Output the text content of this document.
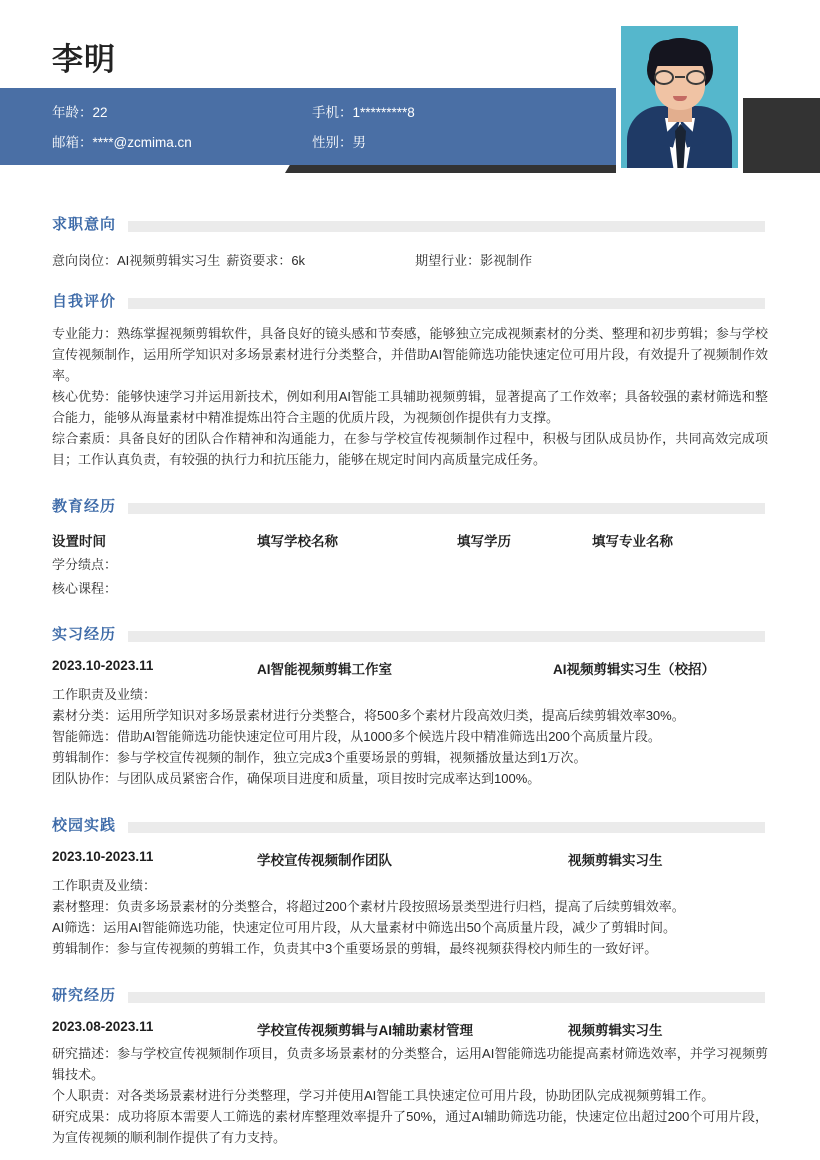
李明
年龄：22	手机：1*********8
邮箱：****@zcmima.cn	性别：男
求职意向
意向岗位：AI视频剪辑实习生 薪资要求：6k	期望行业：影视制作
自我评价

专业能力：熟练掌握视频剪辑软件，具备良好的镜头感和节奏感，能够独立完成视频素材的分类、整理和初步剪辑；参与学校宣传视频制作，运用所学知识对多场景素材进行分类整合，并借助AI智能筛选功能快速定位可用片段，有效提升了视频制作效率。

核心优势：能够快速学习并运用新技术，例如利用AI智能工具辅助视频剪辑，显著提高了工作效率；具备较强的素材筛选和整合能力，能够从海量素材中精准提炼出符合主题的优质片段，为视频创作提供有力支撑。

综合素质：具备良好的团队合作精神和沟通能力，在参与学校宣传视频制作过程中，积极与团队成员协作，共同高效完成项目；工作认真负责，有较强的执行力和抗压能力，能够在规定时间内高质量完成任务。

教育经历
设置时间	填写学校名称	填写学历	填写专业名称
学分绩点：
核心课程：
实习经历
2023.10-2023.11	AI智能视频剪辑工作室	AI视频剪辑实习生（校招）
工作职责及业绩：

素材分类：运用所学知识对多场景素材进行分类整合，将500多个素材片段高效归类，提高后续剪辑效率30%。

智能筛选：借助AI智能筛选功能快速定位可用片段，从1000多个候选片段中精准筛选出200个高质量片段。

剪辑制作：参与学校宣传视频的制作，独立完成3个重要场景的剪辑，视频播放量达到1万次。

团队协作：与团队成员紧密合作，确保项目进度和质量，项目按时完成率达到100%。

校园实践
2023.10-2023.11	学校宣传视频制作团队	视频剪辑实习生
工作职责及业绩：

素材整理：负责多场景素材的分类整合，将超过200个素材片段按照场景类型进行归档，提高了后续剪辑效率。

AI筛选：运用AI智能筛选功能，快速定位可用片段，从大量素材中筛选出50个高质量片段，减少了剪辑时间。

剪辑制作：参与宣传视频的剪辑工作，负责其中3个重要场景的剪辑，最终视频获得校内师生的一致好评。

研究经历
2023.08-2023.11	学校宣传视频剪辑与AI辅助素材管理	视频剪辑实习生

研究描述：参与学校宣传视频制作项目，负责多场景素材的分类整合，运用AI智能筛选功能提高素材筛选效率，并学习视频剪辑技术。

个人职责：对各类场景素材进行分类整理，学习并使用AI智能工具快速定位可用片段，协助团队完成视频剪辑工作。

研究成果：成功将原本需要人工筛选的素材库整理效率提升了50%，通过AI辅助筛选功能，快速定位出超过200个可用片段，为宣传视频的顺利制作提供了有力支持。
